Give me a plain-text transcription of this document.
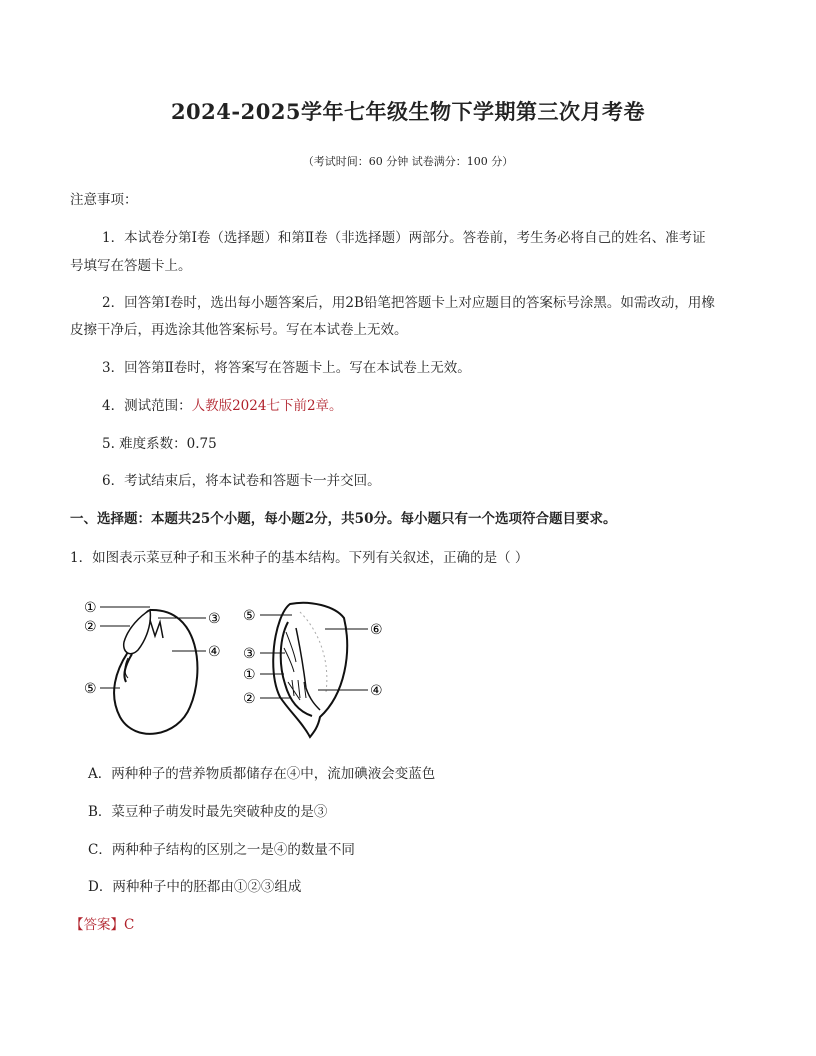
2024-2025学年七年级生物下学期第三次月考卷
（考试时间：60 分钟 试卷满分：100 分）
注意事项：
1．本试卷分第Ⅰ卷（选择题）和第Ⅱ卷（非选择题）两部分。答卷前，考生务必将自己的姓名、准考证
号填写在答题卡上。
2．回答第Ⅰ卷时，选出每小题答案后，用2B铅笔把答题卡上对应题目的答案标号涂黑。如需改动，用橡
皮擦干净后，再选涂其他答案标号。写在本试卷上无效。
3．回答第Ⅱ卷时，将答案写在答题卡上。写在本试卷上无效。
4．测试范围：人教版2024七下前2章。
5. 难度系数：0.75
6．考试结束后，将本试卷和答题卡一并交回。
一、选择题：本题共25个小题，每小题2分，共50分。每小题只有一个选项符合题目要求。
1．如图表示菜豆种子和玉米种子的基本结构。下列有关叙述，正确的是（ ）
①
②	③
④
⑤
⑤
⑥
③
①
②	④
A．两种种子的营养物质都储存在④中，流加碘液会变蓝色
B．菜豆种子萌发时最先突破种皮的是③
C．两种种子结构的区别之一是④的数量不同
D．两种种子中的胚都由①②③组成
【答案】C
